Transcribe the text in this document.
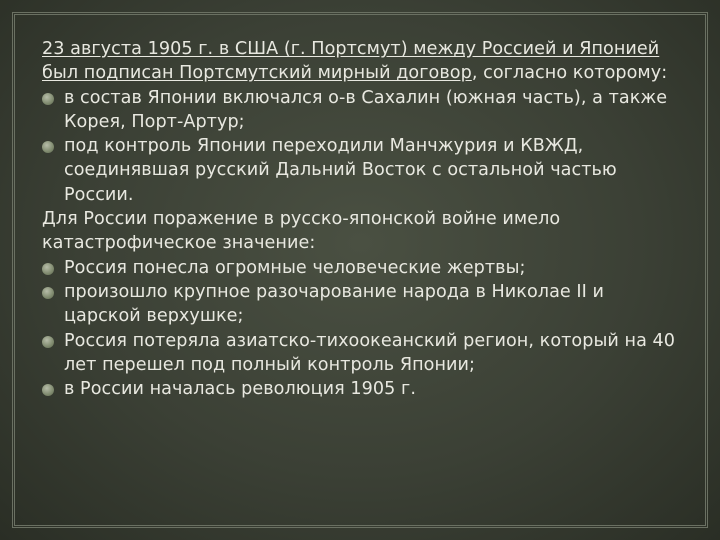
23 августа 1905 г. в США (г. Портсмут) между Россией и Японией был подписан Портсмутский мирный договор, согласно которому:

в состав Японии включался о-в Сахалин (южная часть), а также Корея, Порт-Артур;
под контроль Японии переходили Манчжурия и КВЖД, соединявшая русский Дальний Восток с остальной частью России.

Для России поражение в русско-японской войне имело катастрофическое значение:

Россия понесла огромные человеческие жертвы;
произошло крупное разочарование народа в Николае II и царской верхушке;
Россия потеряла азиатско-тихоокеанский регион, который на 40 лет перешел под полный контроль Японии;
в России началась революция 1905 г.
